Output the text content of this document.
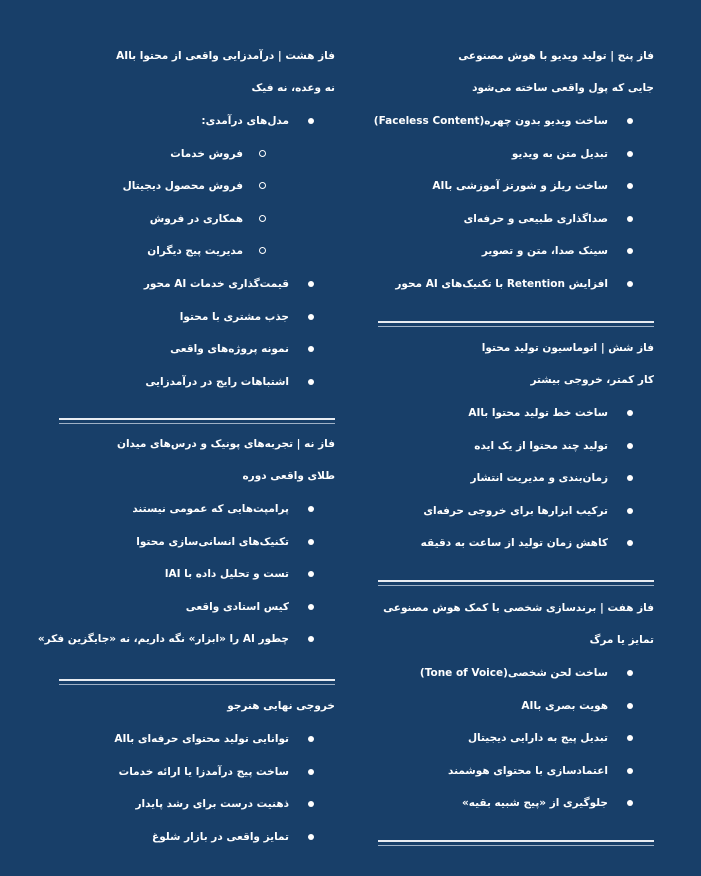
فاز پنج | تولید ویدیو با هوش مصنوعی
جایی که پول واقعی ساخته می‌شود
ساخت ویدیو بدون چهره(Faceless Content)
تبدیل متن به ویدیو
ساخت ریلز و شورتز آموزشی باAI
صداگذاری طبیعی و حرفه‌ای
سینک صدا، متن و تصویر
افزایش Retention با تکنیک‌های AI محور
فاز شش | اتوماسیون تولید محتوا
کار کمتر، خروجی بیشتر
ساخت خط تولید محتوا باAI
تولید چند محتوا از یک ایده
زمان‌بندی و مدیریت انتشار
ترکیب ابزارها برای خروجی حرفه‌ای
کاهش زمان تولید از ساعت به دقیقه
فاز هفت | برندسازی شخصی با کمک هوش مصنوعی
تمایز یا مرگ
ساخت لحن شخصی(Tone of Voice)
هویت بصری باAI
تبدیل پیج به دارایی دیجیتال
اعتمادسازی با محتوای هوشمند
جلوگیری از «پیج شبیه بقیه»
فاز هشت | درآمدزایی واقعی از محتوا باAI
نه وعده، نه فیک
مدل‌های درآمدی:
فروش خدمات
فروش محصول دیجیتال
همکاری در فروش
مدیریت پیج دیگران
قیمت‌گذاری خدمات AI محور
جذب مشتری با محتوا
نمونه پروژه‌های واقعی
اشتباهات رایج در درآمدزایی
فاز نه | تجربه‌های پونیک و درس‌های میدان
طلای واقعی دوره
پرامپت‌هایی که عمومی نیستند
تکنیک‌های انسانی‌سازی محتوا
تست و تحلیل داده با AIا
کیس استادی واقعی
چطور AI را «ابزار» نگه داریم، نه «جایگزین فکر»
خروجی نهایی هنرجو
توانایی تولید محتوای حرفه‌ای باAI
ساخت پیج درآمدزا یا ارائه خدمات
ذهنیت درست برای رشد پایدار
تمایز واقعی در بازار شلوغ
